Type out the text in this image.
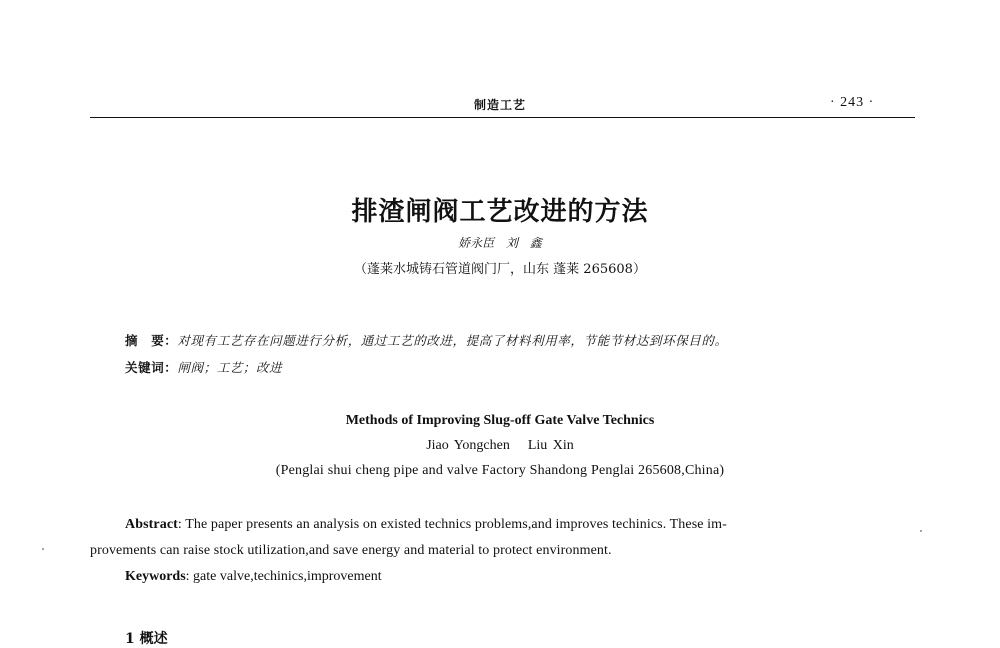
制造工艺	· 243 ·
排渣闸阀工艺改进的方法
娇永臣 刘 鑫
（蓬莱水城铸石管道阀门厂，山东 蓬莱 265608）
摘　要：对现有工艺存在问题进行分析，通过工艺的改进，提高了材料利用率，节能节材达到环保目的。
关键词：闸阀；工艺；改进
Methods of Improving Slug-off Gate Valve Technics
Jiao Yongchen Liu Xin
(Penglai shui cheng pipe and valve Factory Shandong Penglai 265608,China)
Abstract: The paper presents an analysis on existed technics problems,and improves techinics. These im-
provements can raise stock utilization,and save energy and material to protect environment.
Keywords: gate valve,techinics,improvement
1 概述
